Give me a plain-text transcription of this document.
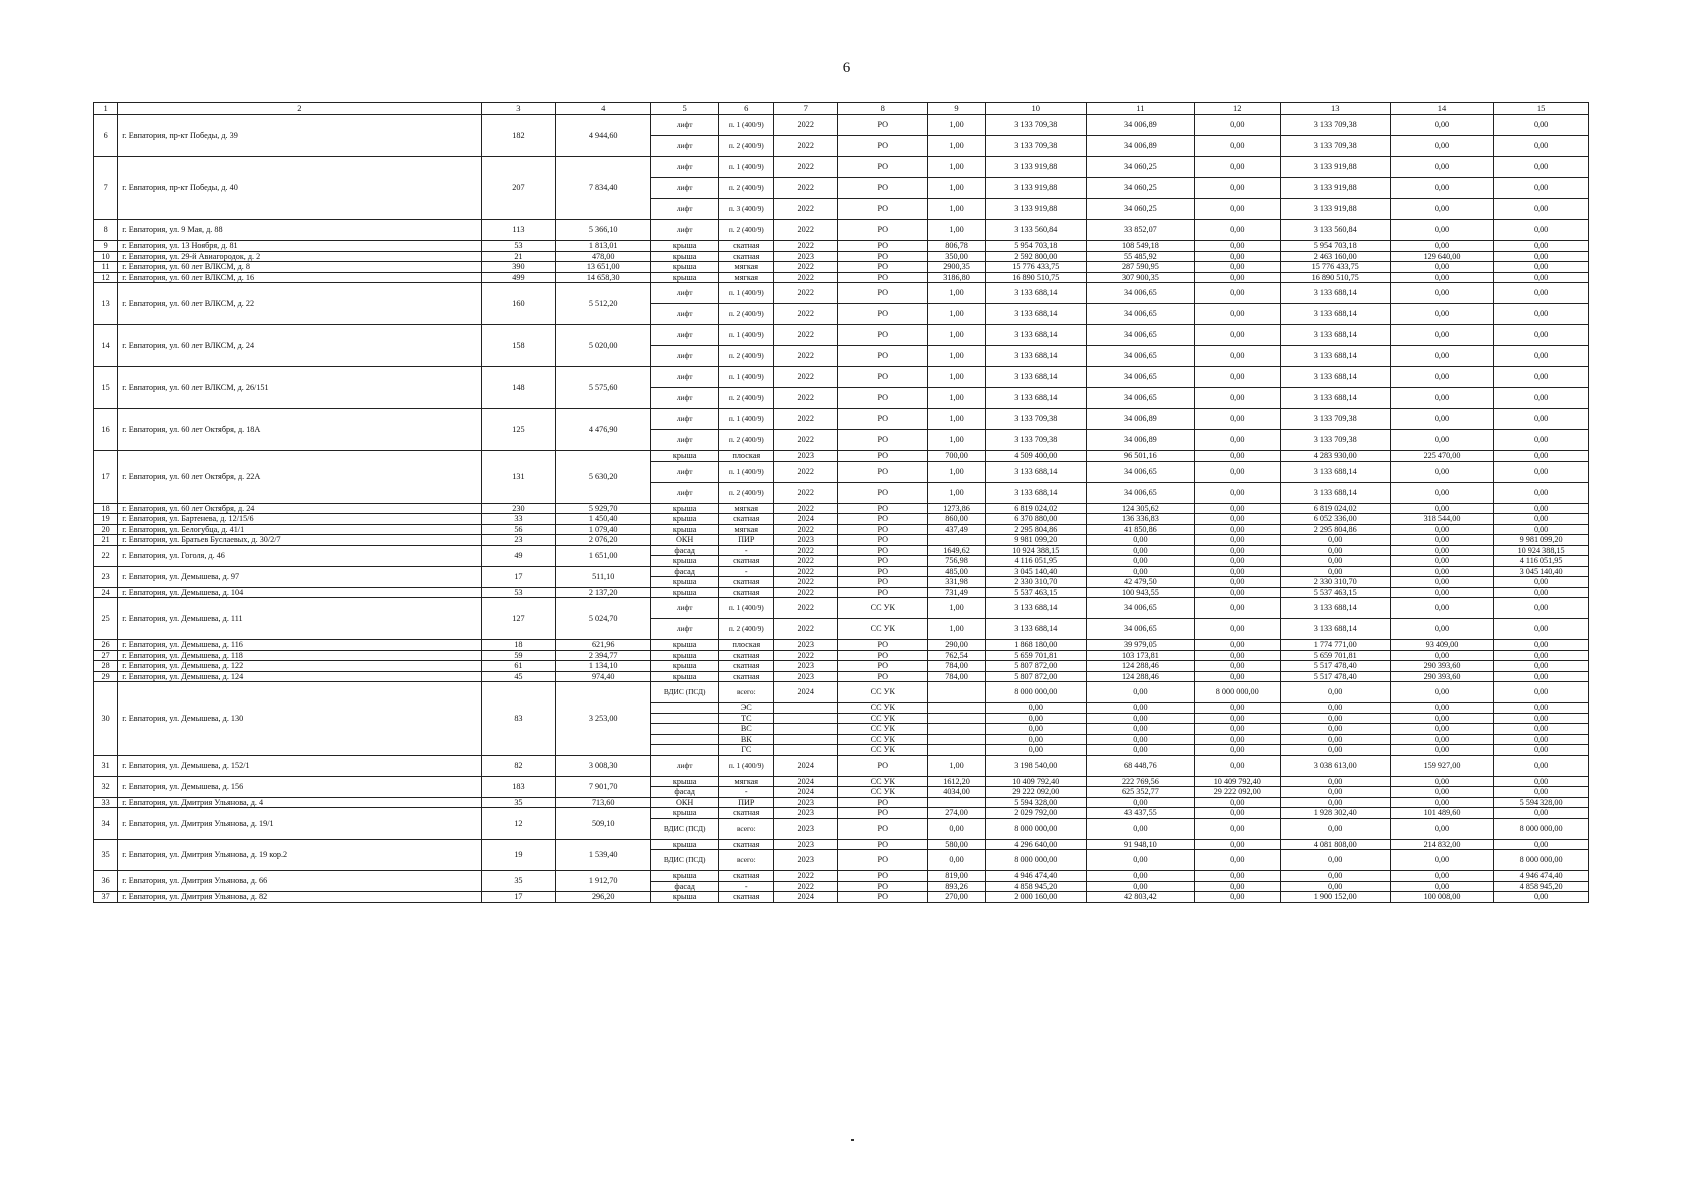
6
1	2	3	4	5	6	7	8	9	10	11	12	13	14	15
6	г. Евпатория, пр-кт Победы, д. 39	182	4 944,60	лифт	п. 1 (400/9)	2022	РО	1,00	3 133 709,38	34 006,89	0,00	3 133 709,38	0,00	0,00
				лифт	п. 2 (400/9)	2022	РО	1,00	3 133 709,38	34 006,89	0,00	3 133 709,38	0,00	0,00
7	г. Евпатория, пр-кт Победы, д. 40	207	7 834,40	лифт	п. 1 (400/9)	2022	РО	1,00	3 133 919,88	34 060,25	0,00	3 133 919,88	0,00	0,00
				лифт	п. 2 (400/9)	2022	РО	1,00	3 133 919,88	34 060,25	0,00	3 133 919,88	0,00	0,00
				лифт	п. 3 (400/9)	2022	РО	1,00	3 133 919,88	34 060,25	0,00	3 133 919,88	0,00	0,00
8	г. Евпатория, ул. 9 Мая, д. 88	113	5 366,10	лифт	п. 2 (400/9)	2022	РО	1,00	3 133 560,84	33 852,07	0,00	3 133 560,84	0,00	0,00
9	г. Евпатория, ул. 13 Ноября, д. 81	53	1 813,01	крыша	скатная	2022	РО	806,78	5 954 703,18	108 549,18	0,00	5 954 703,18	0,00	0,00
10	г. Евпатория, ул. 29-й Авиагородок, д. 2	21	478,00	крыша	скатная	2023	РО	350,00	2 592 800,00	55 485,92	0,00	2 463 160,00	129 640,00	0,00
11	г. Евпатория, ул. 60 лет ВЛКСМ, д. 8	390	13 651,00	крыша	мягкая	2022	РО	2900,35	15 776 433,75	287 590,95	0,00	15 776 433,75	0,00	0,00
12	г. Евпатория, ул. 60 лет ВЛКСМ, д. 16	499	14 658,30	крыша	мягкая	2022	РО	3186,80	16 890 510,75	307 900,35	0,00	16 890 510,75	0,00	0,00
13	г. Евпатория, ул. 60 лет ВЛКСМ, д. 22	160	5 512,20	лифт	п. 1 (400/9)	2022	РО	1,00	3 133 688,14	34 006,65	0,00	3 133 688,14	0,00	0,00
				лифт	п. 2 (400/9)	2022	РО	1,00	3 133 688,14	34 006,65	0,00	3 133 688,14	0,00	0,00
14	г. Евпатория, ул. 60 лет ВЛКСМ, д. 24	158	5 020,00	лифт	п. 1 (400/9)	2022	РО	1,00	3 133 688,14	34 006,65	0,00	3 133 688,14	0,00	0,00
				лифт	п. 2 (400/9)	2022	РО	1,00	3 133 688,14	34 006,65	0,00	3 133 688,14	0,00	0,00
15	г. Евпатория, ул. 60 лет ВЛКСМ, д. 26/151	148	5 575,60	лифт	п. 1 (400/9)	2022	РО	1,00	3 133 688,14	34 006,65	0,00	3 133 688,14	0,00	0,00
				лифт	п. 2 (400/9)	2022	РО	1,00	3 133 688,14	34 006,65	0,00	3 133 688,14	0,00	0,00
16	г. Евпатория, ул. 60 лет Октября, д. 18А	125	4 476,90	лифт	п. 1 (400/9)	2022	РО	1,00	3 133 709,38	34 006,89	0,00	3 133 709,38	0,00	0,00
				лифт	п. 2 (400/9)	2022	РО	1,00	3 133 709,38	34 006,89	0,00	3 133 709,38	0,00	0,00
17	г. Евпатория, ул. 60 лет Октября, д. 22А	131	5 630,20	крыша	плоская	2023	РО	700,00	4 509 400,00	96 501,16	0,00	4 283 930,00	225 470,00	0,00
				лифт	п. 1 (400/9)	2022	РО	1,00	3 133 688,14	34 006,65	0,00	3 133 688,14	0,00	0,00
				лифт	п. 2 (400/9)	2022	РО	1,00	3 133 688,14	34 006,65	0,00	3 133 688,14	0,00	0,00
18	г. Евпатория, ул. 60 лет Октября, д. 24	230	5 929,70	крыша	мягкая	2022	РО	1273,86	6 819 024,02	124 305,62	0,00	6 819 024,02	0,00	0,00
19	г. Евпатория, ул. Бартенева, д. 12/15/6	33	1 450,40	крыша	скатная	2024	РО	860,00	6 370 880,00	136 336,83	0,00	6 052 336,00	318 544,00	0,00
20	г. Евпатория, ул. Белогубца, д. 41/1	56	1 079,40	крыша	мягкая	2022	РО	437,49	2 295 804,86	41 850,86	0,00	2 295 804,86	0,00	0,00
21	г. Евпатория, ул. Братьев Буслаевых, д. 30/2/7	23	2 076,20	ОКН	ПИР	2023	РО		9 981 099,20	0,00	0,00	0,00	0,00	9 981 099,20
22	г. Евпатория, ул. Гоголя, д. 46	49	1 651,00	фасад	-	2022	РО	1649,62	10 924 388,15	0,00	0,00	0,00	0,00	10 924 388,15
				крыша	скатная	2022	РО	756,98	4 116 051,95	0,00	0,00	0,00	0,00	4 116 051,95
23	г. Евпатория, ул. Демышева, д. 97	17	511,10	фасад	-	2022	РО	485,00	3 045 140,40	0,00	0,00	0,00	0,00	3 045 140,40
				крыша	скатная	2022	РО	331,98	2 330 310,70	42 479,50	0,00	2 330 310,70	0,00	0,00
24	г. Евпатория, ул. Демышева, д. 104	53	2 137,20	крыша	скатная	2022	РО	731,49	5 537 463,15	100 943,55	0,00	5 537 463,15	0,00	0,00
25	г. Евпатория, ул. Демышева, д. 111	127	5 024,70	лифт	п. 1 (400/9)	2022	СС УК	1,00	3 133 688,14	34 006,65	0,00	3 133 688,14	0,00	0,00
				лифт	п. 2 (400/9)	2022	СС УК	1,00	3 133 688,14	34 006,65	0,00	3 133 688,14	0,00	0,00
26	г. Евпатория, ул. Демышева, д. 116	18	621,96	крыша	плоская	2023	РО	290,00	1 868 180,00	39 979,05	0,00	1 774 771,00	93 409,00	0,00
27	г. Евпатория, ул. Демышева, д. 118	59	2 394,77	крыша	скатная	2022	РО	762,54	5 659 701,81	103 173,81	0,00	5 659 701,81	0,00	0,00
28	г. Евпатория, ул. Демышева, д. 122	61	1 134,10	крыша	скатная	2023	РО	784,00	5 807 872,00	124 288,46	0,00	5 517 478,40	290 393,60	0,00
29	г. Евпатория, ул. Демышева, д. 124	45	974,40	крыша	скатная	2023	РО	784,00	5 807 872,00	124 288,46	0,00	5 517 478,40	290 393,60	0,00
30	г. Евпатория, ул. Демышева, д. 130	83	3 253,00	ВДИС (ПСД)	всего:	2024	СС УК		8 000 000,00	0,00	8 000 000,00	0,00	0,00	0,00
					ЭС		СС УК		0,00	0,00	0,00	0,00	0,00	0,00
					ТС		СС УК		0,00	0,00	0,00	0,00	0,00	0,00
					ВС		СС УК		0,00	0,00	0,00	0,00	0,00	0,00
					ВК		СС УК		0,00	0,00	0,00	0,00	0,00	0,00
					ГС		СС УК		0,00	0,00	0,00	0,00	0,00	0,00
31	г. Евпатория, ул. Демышева, д. 152/1	82	3 008,30	лифт	п. 1 (400/9)	2024	РО	1,00	3 198 540,00	68 448,76	0,00	3 038 613,00	159 927,00	0,00
32	г. Евпатория, ул. Демышева, д. 156	183	7 901,70	крыша	мягкая	2024	СС УК	1612,20	10 409 792,40	222 769,56	10 409 792,40	0,00	0,00	0,00
				фасад	-	2024	СС УК	4034,00	29 222 092,00	625 352,77	29 222 092,00	0,00	0,00	0,00
33	г. Евпатория, ул. Дмитрия Ульянова, д. 4	35	713,60	ОКН	ПИР	2023	РО		5 594 328,00	0,00	0,00	0,00	0,00	5 594 328,00
34	г. Евпатория, ул. Дмитрия Ульянова, д. 19/1	12	509,10	крыша	скатная	2023	РО	274,00	2 029 792,00	43 437,55	0,00	1 928 302,40	101 489,60	0,00
				ВДИС (ПСД)	всего:	2023	РО	0,00	8 000 000,00	0,00	0,00	0,00	0,00	8 000 000,00
35	г. Евпатория, ул. Дмитрия Ульянова, д. 19 кор.2	19	1 539,40	крыша	скатная	2023	РО	580,00	4 296 640,00	91 948,10	0,00	4 081 808,00	214 832,00	0,00
				ВДИС (ПСД)	всего:	2023	РО	0,00	8 000 000,00	0,00	0,00	0,00	0,00	8 000 000,00
36	г. Евпатория, ул. Дмитрия Ульянова, д. 66	35	1 912,70	крыша	скатная	2022	РО	819,00	4 946 474,40	0,00	0,00	0,00	0,00	4 946 474,40
				фасад	-	2022	РО	893,26	4 858 945,20	0,00	0,00	0,00	0,00	4 858 945,20
37	г. Евпатория, ул. Дмитрия Ульянова, д. 82	17	296,20	крыша	скатная	2024	РО	270,00	2 000 160,00	42 803,42	0,00	1 900 152,00	100 008,00	0,00
